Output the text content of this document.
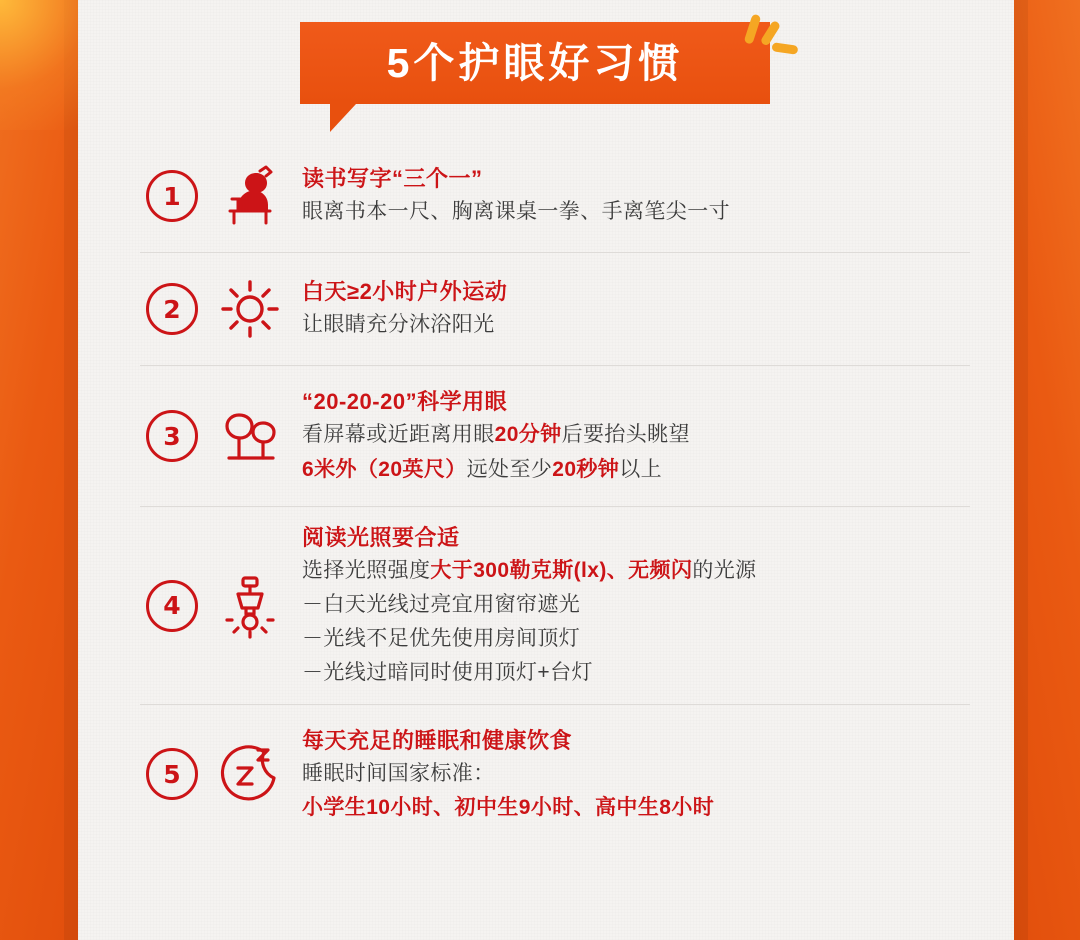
5个护眼好习惯
1
读书写字“三个一”
眼离书本一尺、胸离课桌一拳、手离笔尖一寸
2
白天≥2小时户外运动
让眼睛充分沐浴阳光
3
“20-20-20”科学用眼
看屏幕或近距离用眼20分钟后要抬头眺望
6米外（20英尺）远处至少20秒钟以上
4
阅读光照要合适
选择光照强度大于300勒克斯(lx)、无频闪的光源
－白天光线过亮宜用窗帘遮光
－光线不足优先使用房间顶灯
－光线过暗同时使用顶灯+台灯
5
每天充足的睡眠和健康饮食
睡眠时间国家标准：
小学生10小时、初中生9小时、高中生8小时
